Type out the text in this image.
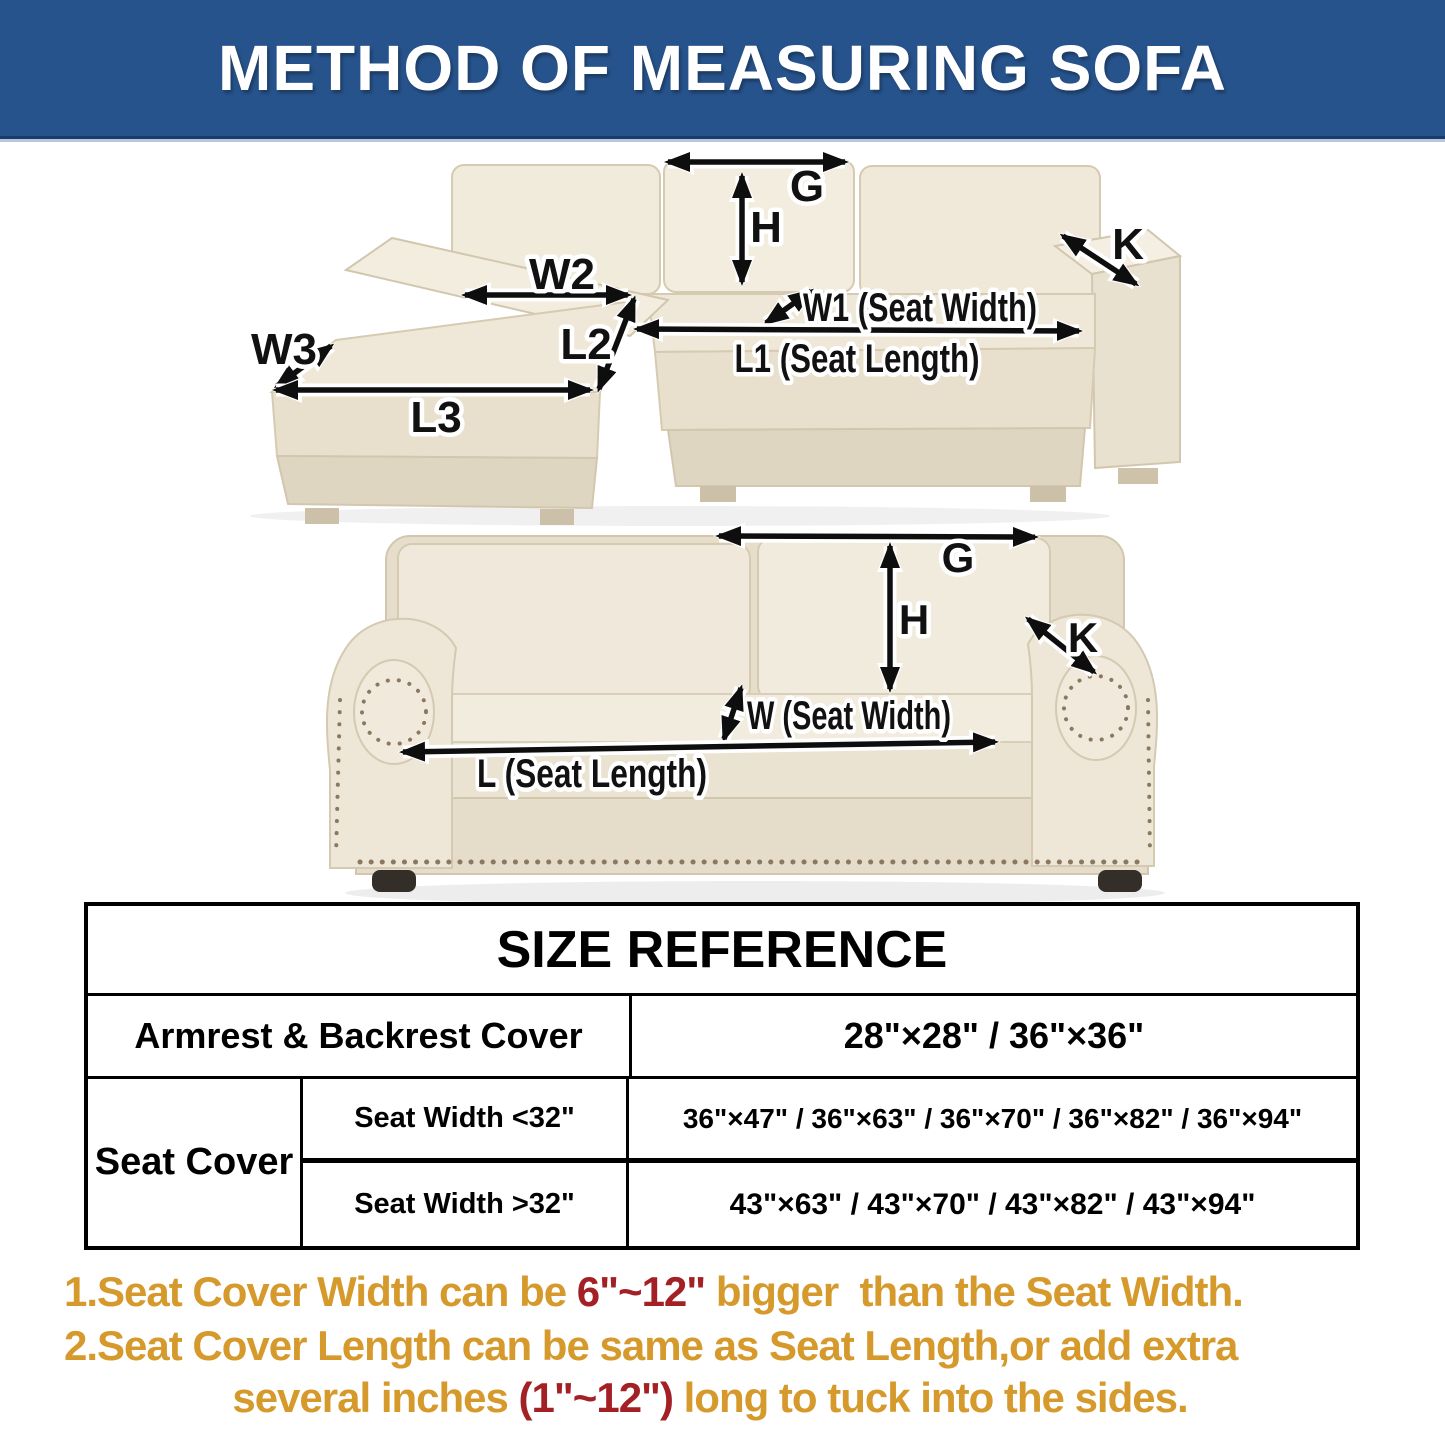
METHOD OF MEASURING SOFA
G
H	K
W2
L2
W3
L3
W1 (Seat Width)
L1 (Seat Length)
G
H	K
W (Seat Width)
L (Seat Length)
SIZE REFERENCE
Armrest & Backrest Cover	28"×28" / 36"×36"
Seat Cover
Seat Width <32"	36"×47" / 36"×63" / 36"×70" / 36"×82" / 36"×94"
Seat Width >32"	43"×63" / 43"×70" / 43"×82" / 43"×94"
1.Seat Cover Width can be 6"~12" bigger  than the Seat Width.
2.Seat Cover Length can be same as Seat Length,or add extra
several inches (1"~12") long to tuck into the sides.
